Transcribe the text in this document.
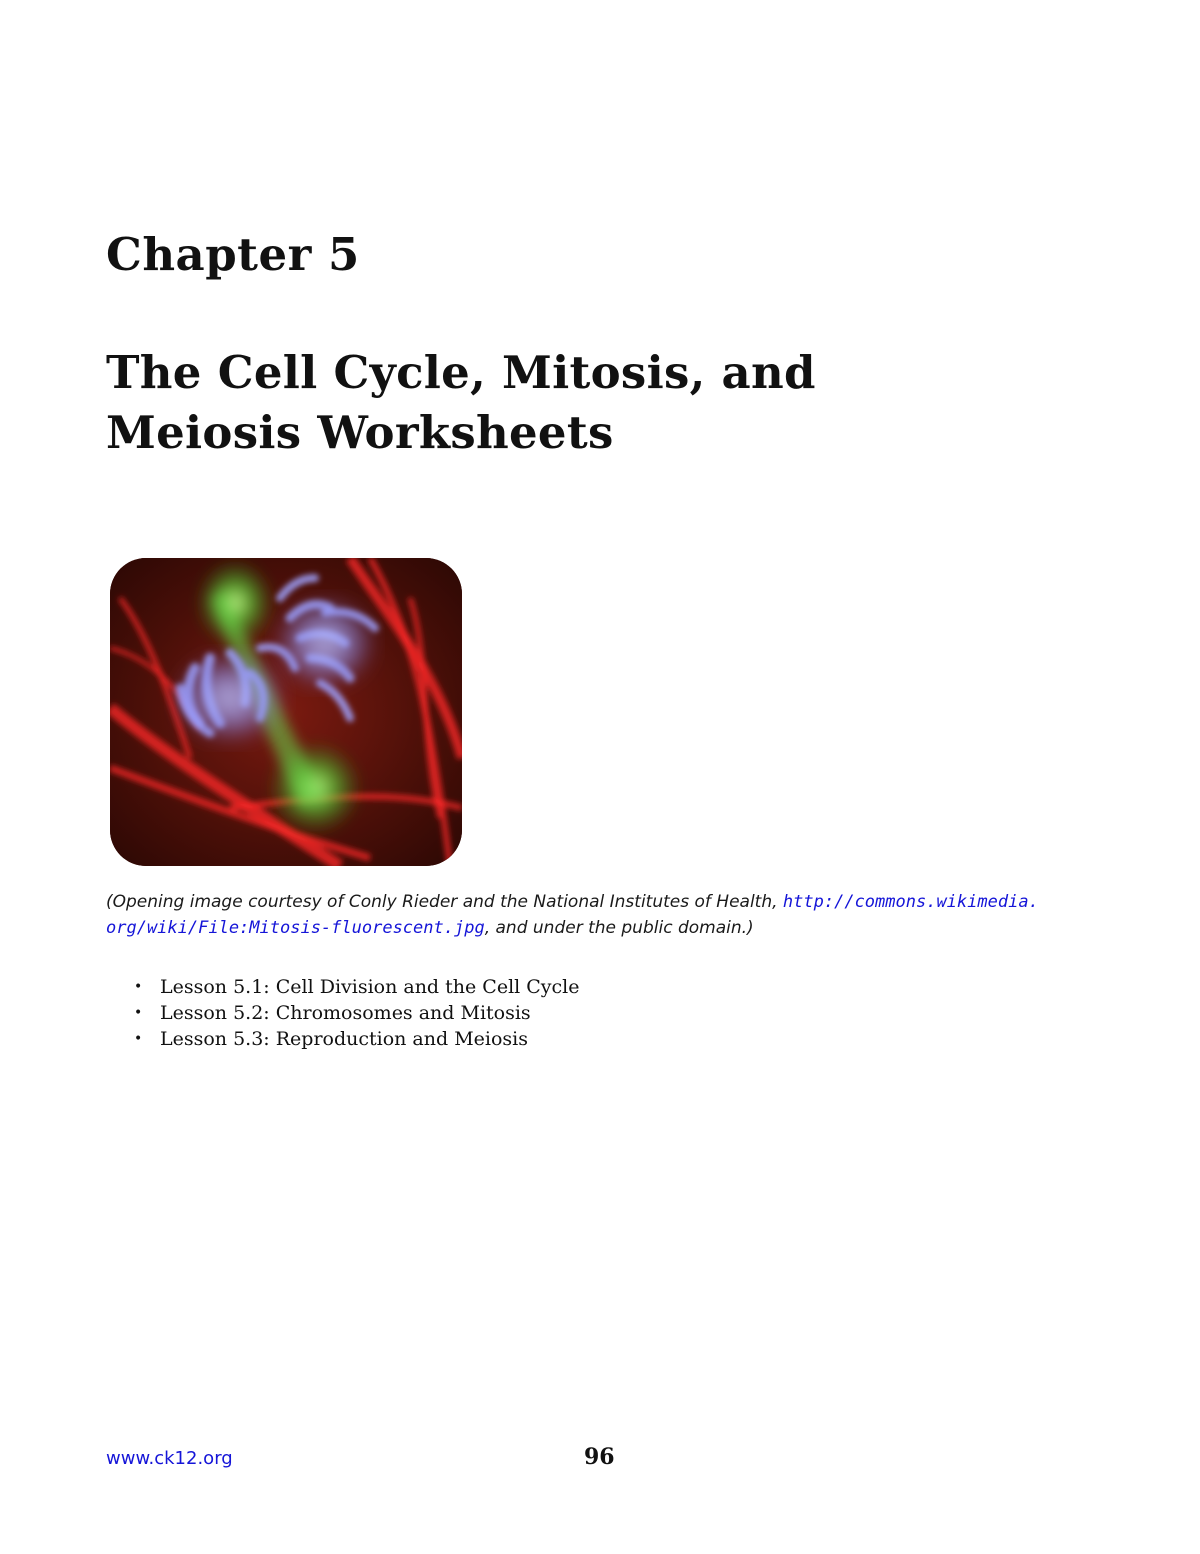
Chapter 5
The Cell Cycle, Mitosis, and
Meiosis Worksheets

(Opening image courtesy of Conly Rieder and the National Institutes of Health, http://commons.wikimedia.
org/wiki/File:Mitosis-fluorescent.jpg, and under the public domain.)

• Lesson 5.1: Cell Division and the Cell Cycle
• Lesson 5.2: Chromosomes and Mitosis
• Lesson 5.3: Reproduction and Meiosis
www.ck12.org	96
